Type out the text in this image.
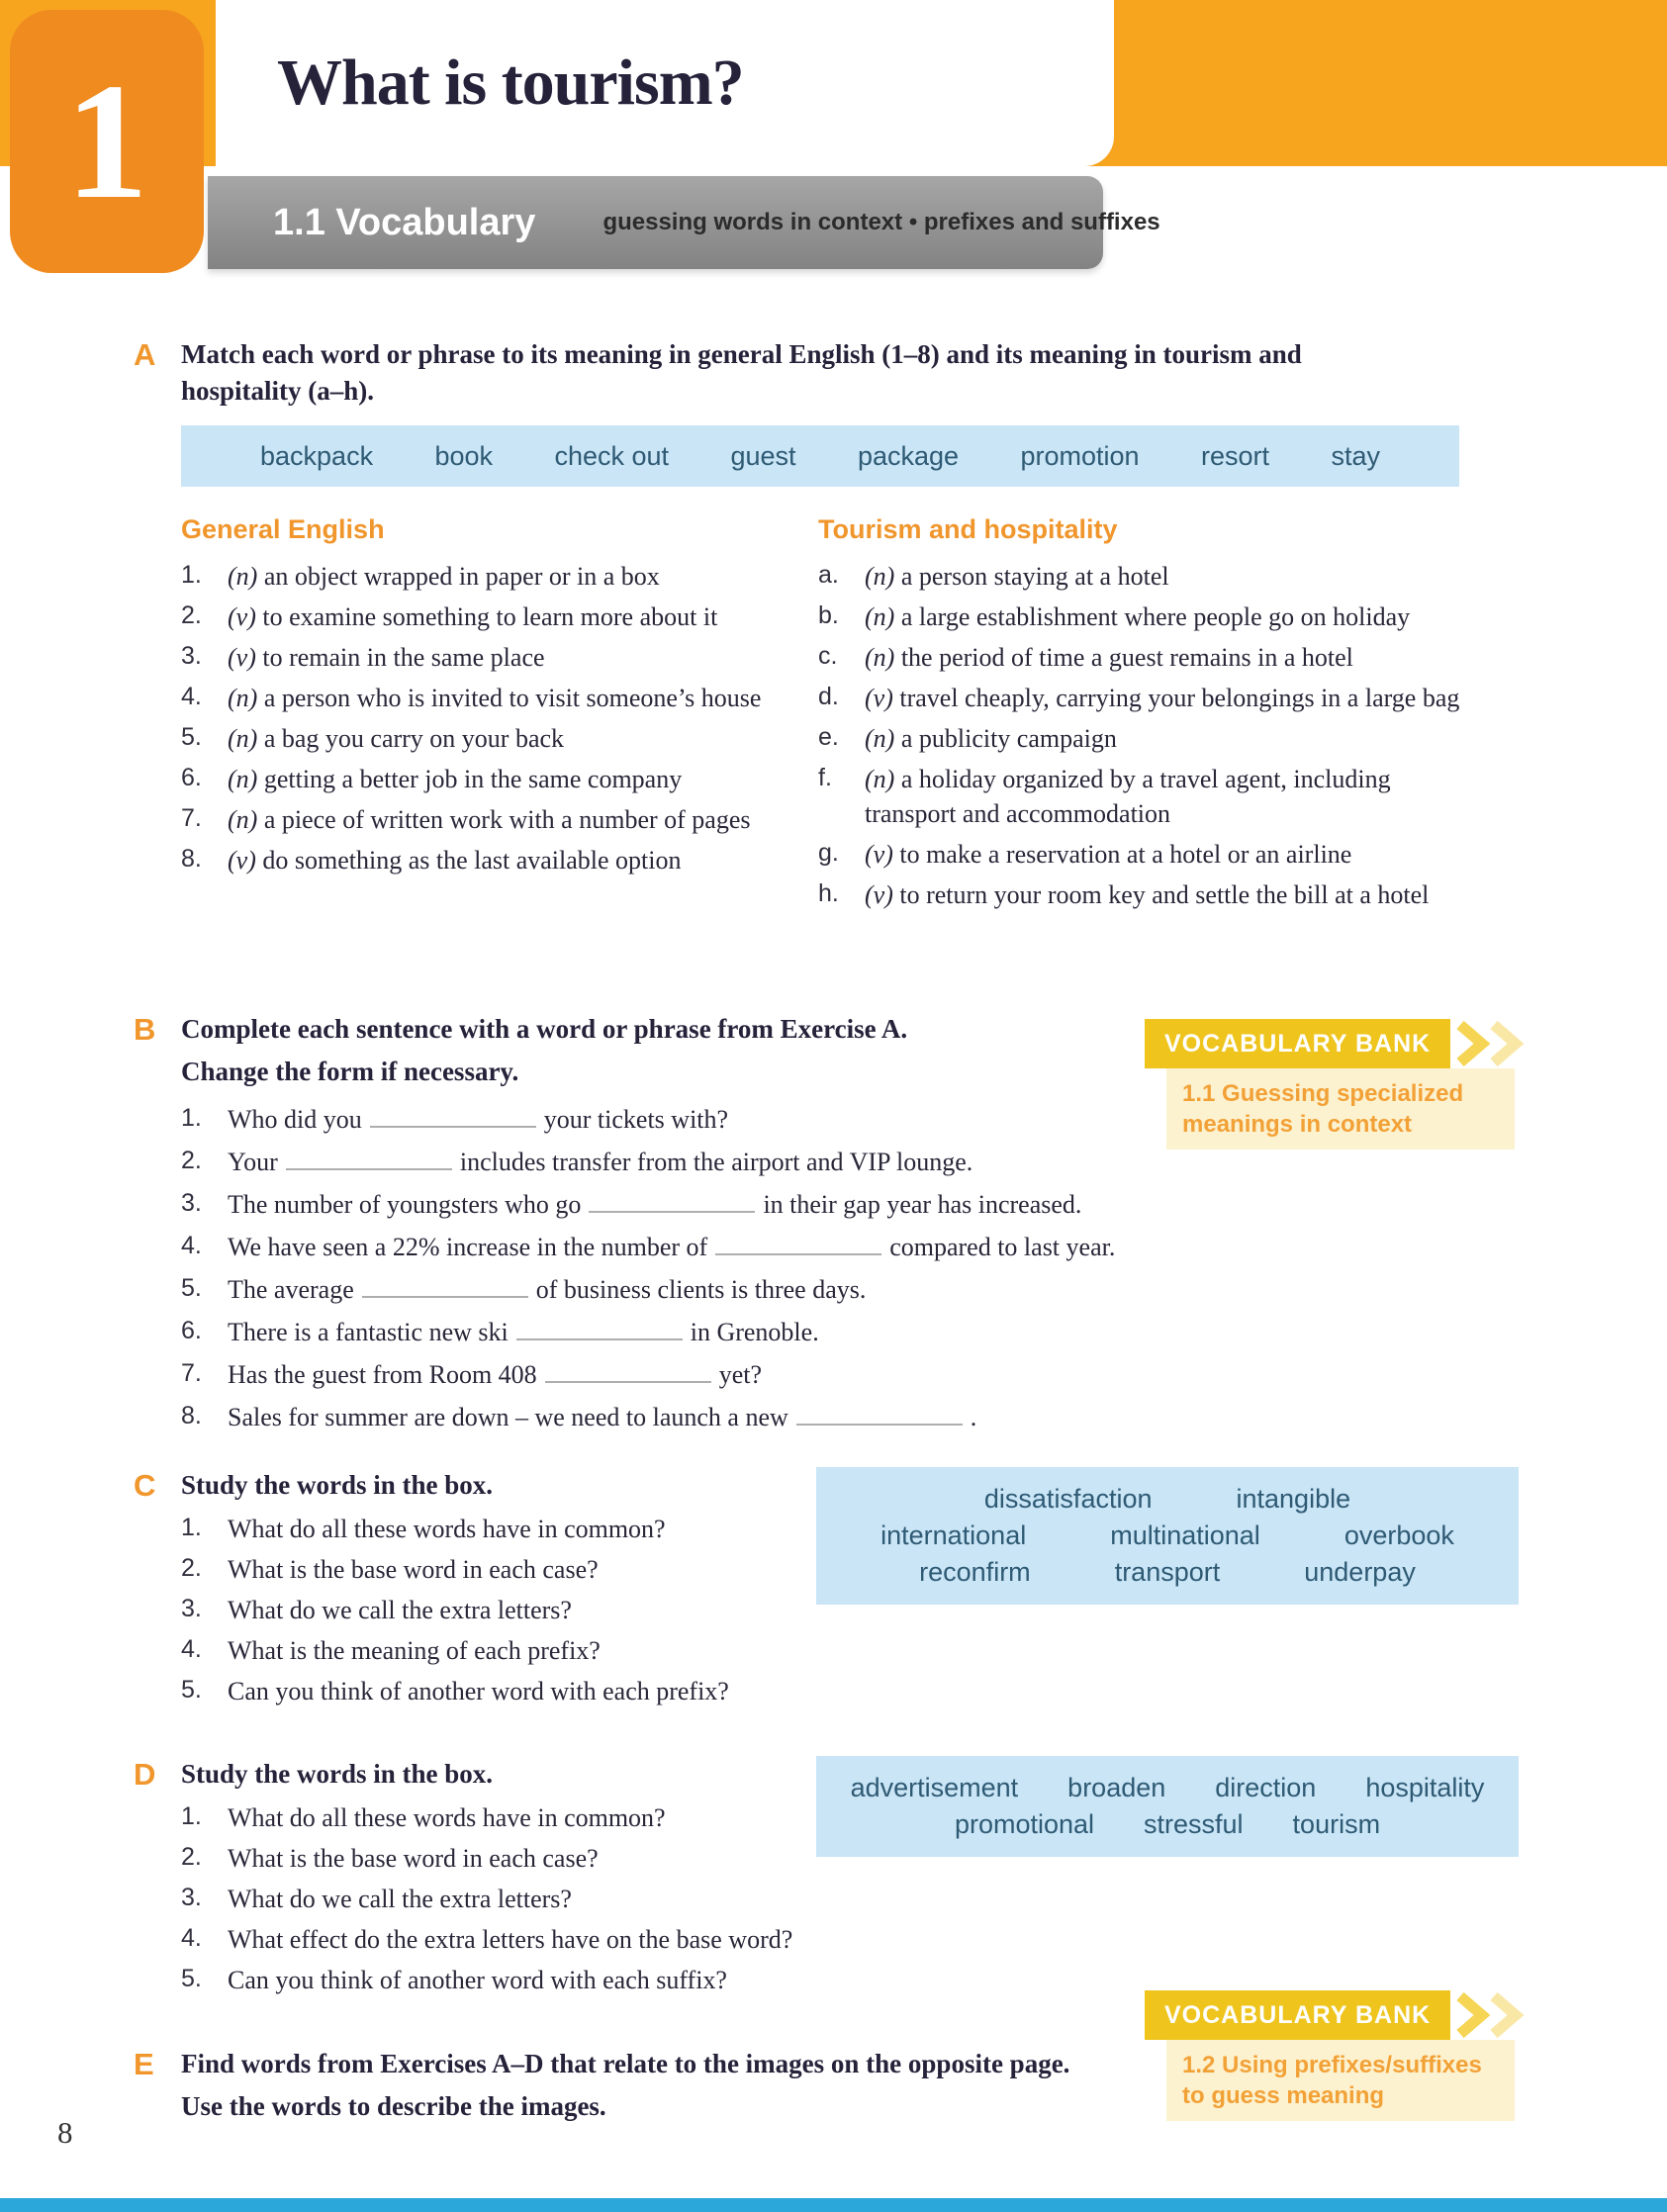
What is tourism?
1	1.1 Vocabulary	guessing words in context • prefixes and suffixes
A Match each word or phrase to its meaning in general English (1–8) and its meaning in tourism and hospitality (a–h).

backpack book check out guest package promotion resort stay
General English
1.	(n) an object wrapped in paper or in a box
2.	(v) to examine something to learn more about it
3.	(v) to remain in the same place
4.	(n) a person who is invited to visit someone’s house
5.	(n) a bag you carry on your back
6.	(n) getting a better job in the same company
7.	(n) a piece of written work with a number of pages
8.	(v) do something as the last available option
Tourism and hospitality
a.	(n) a person staying at a hotel
b.	(n) a large establishment where people go on holiday
c.	(n) the period of time a guest remains in a hotel
d.	(v) travel cheaply, carrying your belongings in a large bag
e.	(n) a publicity campaign
f.	(n) a holiday organized by a travel agent, including transport and accommodation
g.	(v) to make a reservation at a hotel or an airline
h.	(v) to return your room key and settle the bill at a hotel
B Complete each sentence with a word or phrase from Exercise A.

Change the form if necessary.

1.	Who did you	your tickets with?
2.	Your	includes transfer from the airport and VIP lounge.
3.	The number of youngsters who go	in their gap year has increased.
4.	We have seen a 22% increase in the number of	compared to last year.
5.	The average	of business clients is three days.
6.	There is a fantastic new ski	in Grenoble.
7.	Has the guest from Room 408	yet?
8.	Sales for summer are down – we need to launch a new	.
VOCABULARY BANK
1.1 Guessing specialized meanings in context
C Study the words in the box.

1.	What do all these words have in common?
2.	What is the base word in each case?
3.	What do we call the extra letters?
4.	What is the meaning of each prefix?
5.	Can you think of another word with each prefix?
dissatisfaction	intangible
international	multinational	overbook
reconfirm	transport	underpay
D Study the words in the box.

1.	What do all these words have in common?
2.	What is the base word in each case?
3.	What do we call the extra letters?
4.	What effect do the extra letters have on the base word?
5.	Can you think of another word with each suffix?
advertisement broaden direction hospitality
promotional stressful tourism
E	Find words from Exercises A–D that relate to the images on the opposite page.

Use the words to describe the images.

VOCABULARY BANK
1.2 Using prefixes/suffixes to guess meaning
8
